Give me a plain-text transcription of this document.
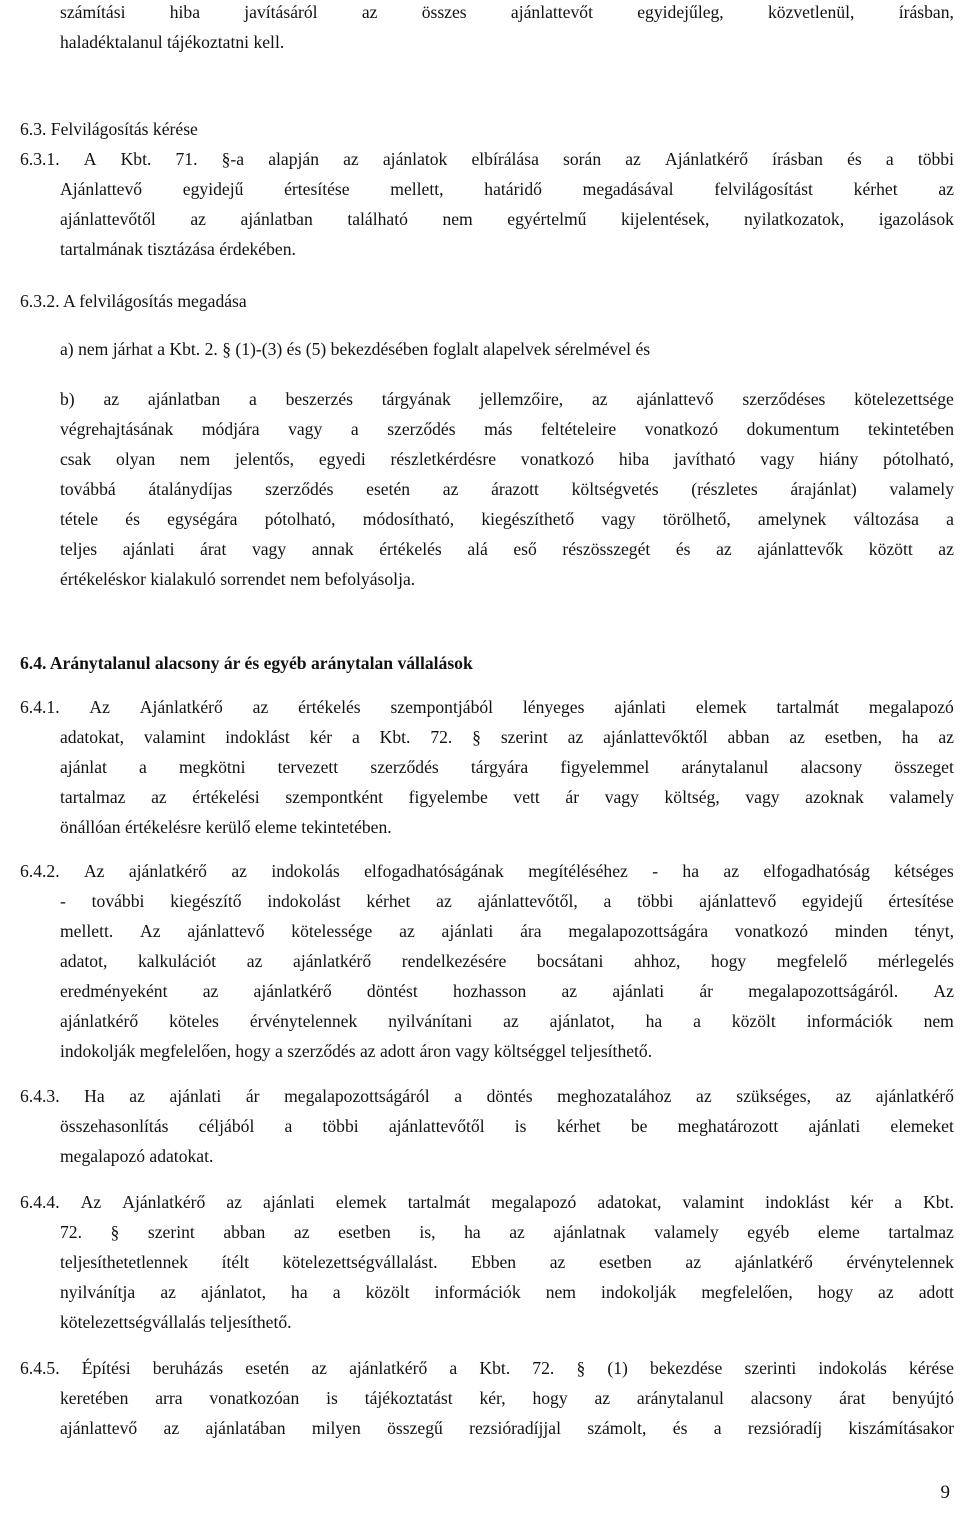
számítási	hiba	javításáról	az	összes	ajánlattevőt	egyidejűleg,	közvetlenül,	írásban,
haladéktalanul tájékoztatni kell.
6.3. Felvilágosítás kérése
6.3.1. A Kbt. 71. §-a alapján az ajánlatok elbírálása során az Ajánlatkérő írásban és a többi
Ajánlattevő egyidejű értesítése mellett, határidő megadásával felvilágosítást kérhet az
ajánlattevőtől az ajánlatban található nem egyértelmű kijelentések, nyilatkozatok, igazolások
tartalmának tisztázása érdekében.
6.3.2. A felvilágosítás megadása
a) nem járhat a Kbt. 2. § (1)-(3) és (5) bekezdésében foglalt alapelvek sérelmével és
b) az ajánlatban a beszerzés tárgyának jellemzőire, az ajánlattevő szerződéses kötelezettsége
végrehajtásának módjára vagy a szerződés más feltételeire vonatkozó dokumentum tekintetében
csak olyan nem jelentős, egyedi részletkérdésre vonatkozó hiba javítható vagy hiány pótolható,
továbbá átalánydíjas szerződés esetén az árazott költségvetés (részletes árajánlat) valamely
tétele és egységára pótolható, módosítható, kiegészíthető vagy törölhető, amelynek változása a
teljes ajánlati árat vagy annak értékelés alá eső részösszegét és az ajánlattevők között az
értékeléskor kialakuló sorrendet nem befolyásolja.
6.4. Aránytalanul alacsony ár és egyéb aránytalan vállalások
6.4.1. Az Ajánlatkérő az értékelés szempontjából lényeges ajánlati elemek tartalmát megalapozó
adatokat, valamint indoklást kér a Kbt. 72. § szerint az ajánlattevőktől abban az esetben, ha az
ajánlat a megkötni tervezett szerződés tárgyára figyelemmel aránytalanul alacsony összeget
tartalmaz az értékelési szempontként figyelembe vett ár vagy költség, vagy azoknak valamely
önállóan értékelésre kerülő eleme tekintetében.
6.4.2. Az ajánlatkérő az indokolás elfogadhatóságának megítéléséhez - ha az elfogadhatóság kétséges
- további kiegészítő indokolást kérhet az ajánlattevőtől, a többi ajánlattevő egyidejű értesítése
mellett. Az ajánlattevő kötelessége az ajánlati ára megalapozottságára vonatkozó minden tényt,
adatot, kalkulációt az ajánlatkérő rendelkezésére bocsátani ahhoz, hogy megfelelő mérlegelés
eredményeként az ajánlatkérő döntést hozhasson az ajánlati ár megalapozottságáról. Az
ajánlatkérő köteles érvénytelennek nyilvánítani az ajánlatot, ha a közölt információk nem
indokolják megfelelően, hogy a szerződés az adott áron vagy költséggel teljesíthető.
6.4.3. Ha az ajánlati ár megalapozottságáról a döntés meghozatalához az szükséges, az ajánlatkérő
összehasonlítás céljából a többi ajánlattevőtől is kérhet be meghatározott ajánlati elemeket
megalapozó adatokat.
6.4.4. Az Ajánlatkérő az ajánlati elemek tartalmát megalapozó adatokat, valamint indoklást kér a Kbt.
72. § szerint abban az esetben is, ha az ajánlatnak valamely egyéb eleme tartalmaz
teljesíthetetlennek ítélt kötelezettségvállalást. Ebben az esetben az ajánlatkérő érvénytelennek
nyilvánítja az ajánlatot, ha a közölt információk nem indokolják megfelelően, hogy az adott
kötelezettségvállalás teljesíthető.
6.4.5. Építési beruházás esetén az ajánlatkérő a Kbt. 72. § (1) bekezdése szerinti indokolás kérése
keretében arra vonatkozóan is tájékoztatást kér, hogy az aránytalanul alacsony árat benyújtó
ajánlattevő az ajánlatában milyen összegű rezsióradíjjal számolt, és a rezsióradíj kiszámításakor
9
